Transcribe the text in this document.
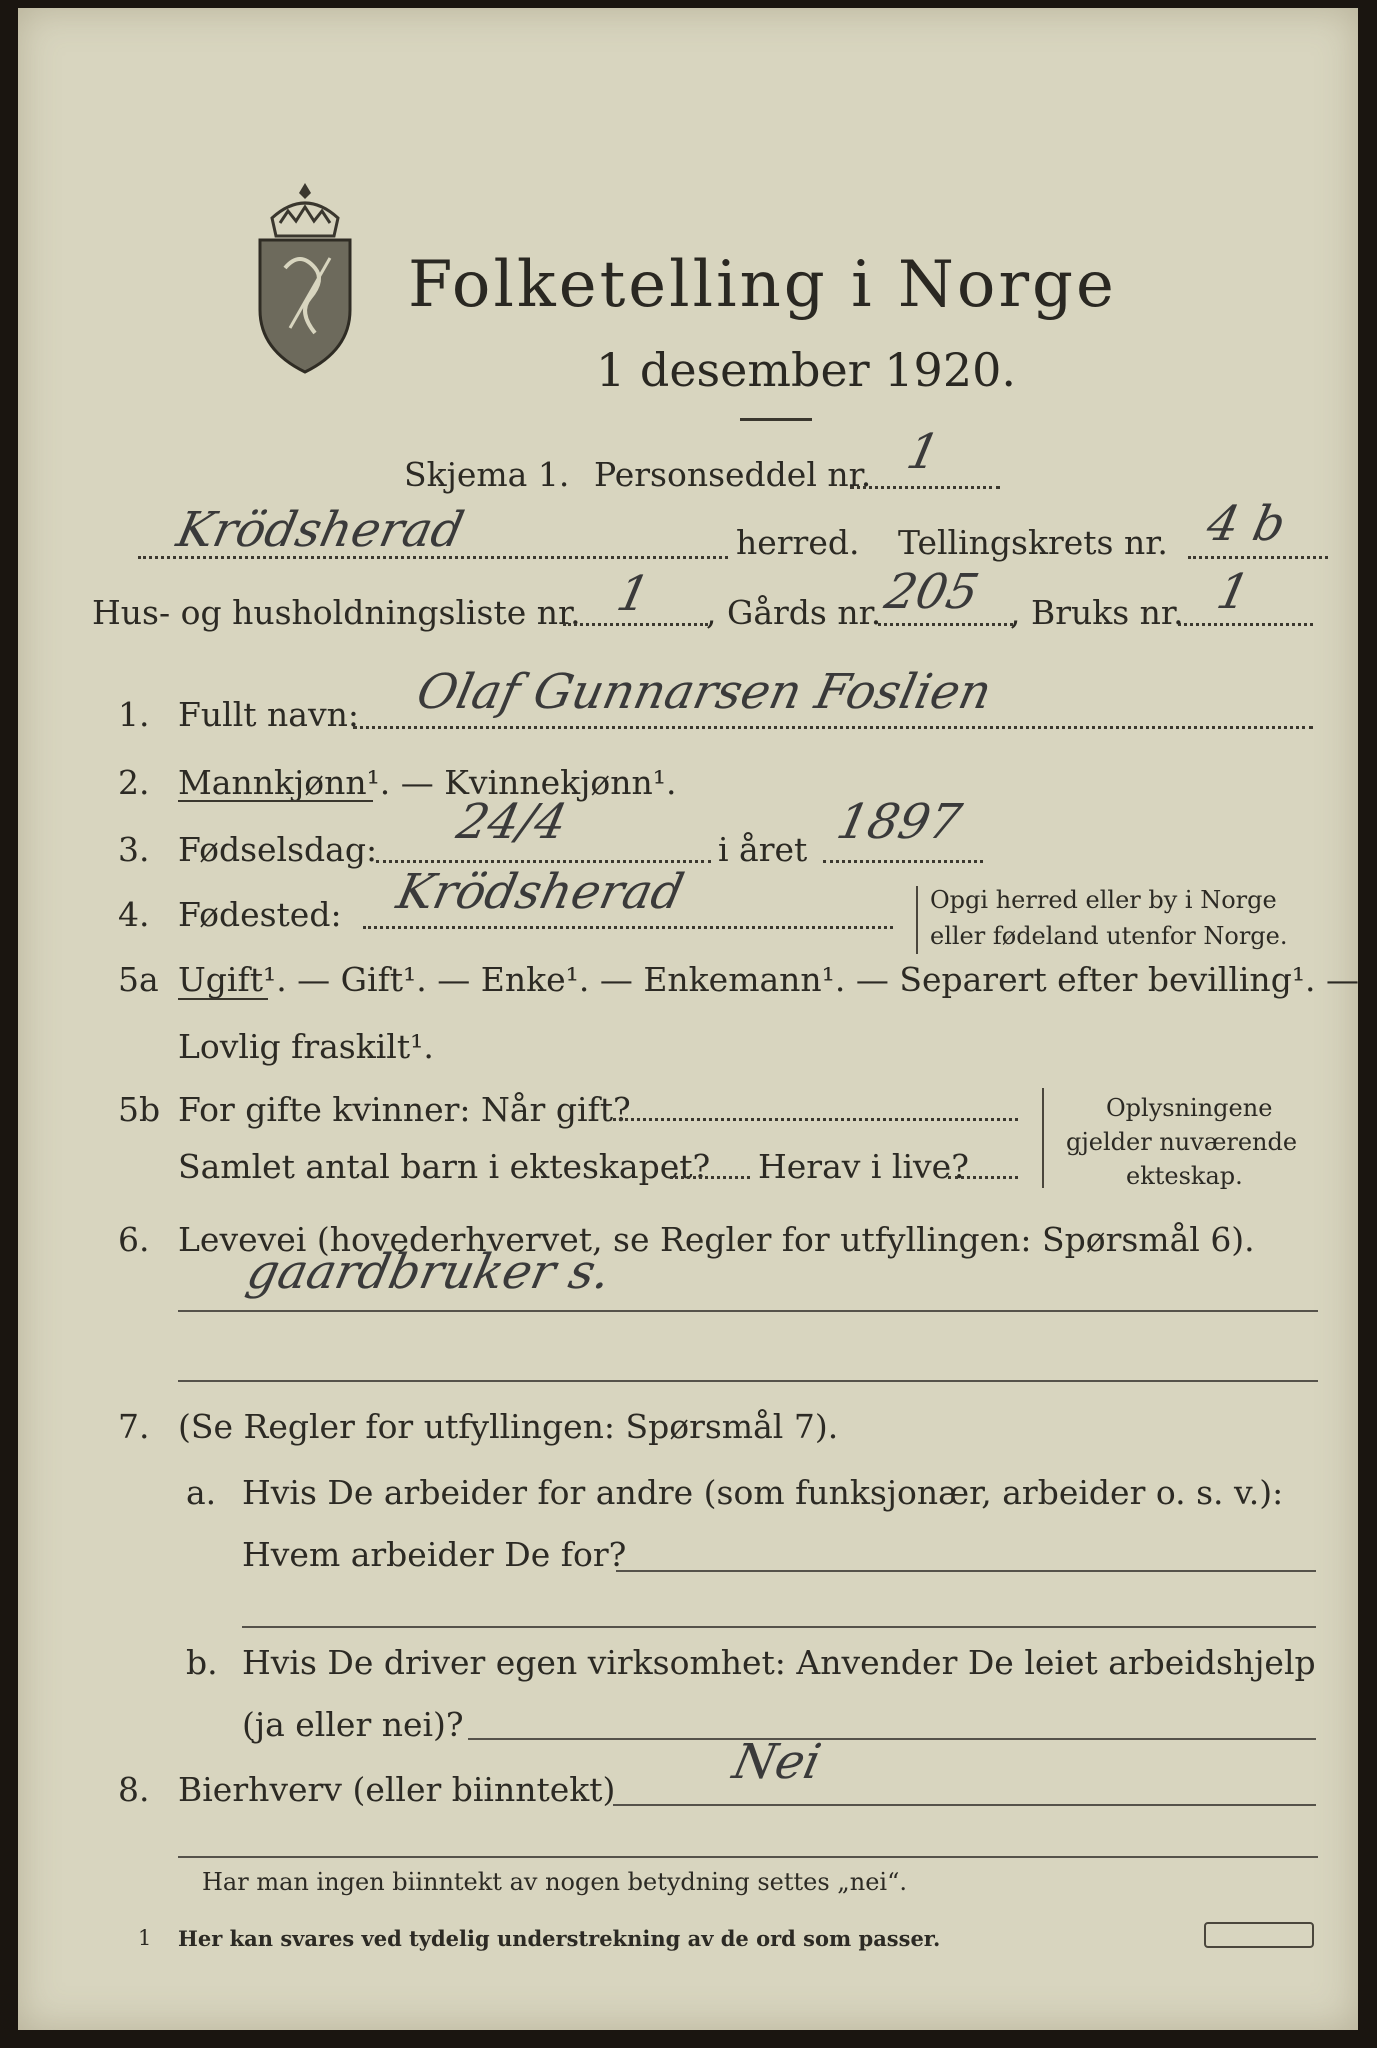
Folketelling i Norge
1 desember 1920.
Skjema 1. Personseddel nr. 1
Krödsherad	herred. Tellingskrets nr. 4 b
Hus- og husholdningsliste nr. 1 , Gårds nr.
205 , Bruks nr. 1
1. Fullt navn: Olaf Gunnarsen Foslien
2. Mannkjønn¹. — Kvinnekjønn¹.
3. Fødselsdag: 24/4	i året 1897
4. Fødested: Krödsherad	Opgi herred eller by i Norge
eller fødeland utenfor Norge.
5a Ugift¹. — Gift¹. — Enke¹. — Enkemann¹. — Separert efter bevilling¹. —
Lovlig fraskilt¹.
5b For gifte kvinner: Når gift?
Samlet antal barn i ekteskapet? Herav i live?
Oplysningene
gjelder nuværende
ekteskap.
6. Levevei (hovederhvervet, se Regler for utfyllingen: Spørsmål 6).
gaardbruker s.
7. (Se Regler for utfyllingen: Spørsmål 7).
a. Hvis De arbeider for andre (som funksjonær, arbeider o. s. v.):
Hvem arbeider De for?
b. Hvis De driver egen virksomhet: Anvender De leiet arbeidshjelp
(ja eller nei)?
8. Bierhverv (eller biinntekt) Nei
Har man ingen biinntekt av nogen betydning settes „nei“.
1 Her kan svares ved tydelig understrekning av de ord som passer.
